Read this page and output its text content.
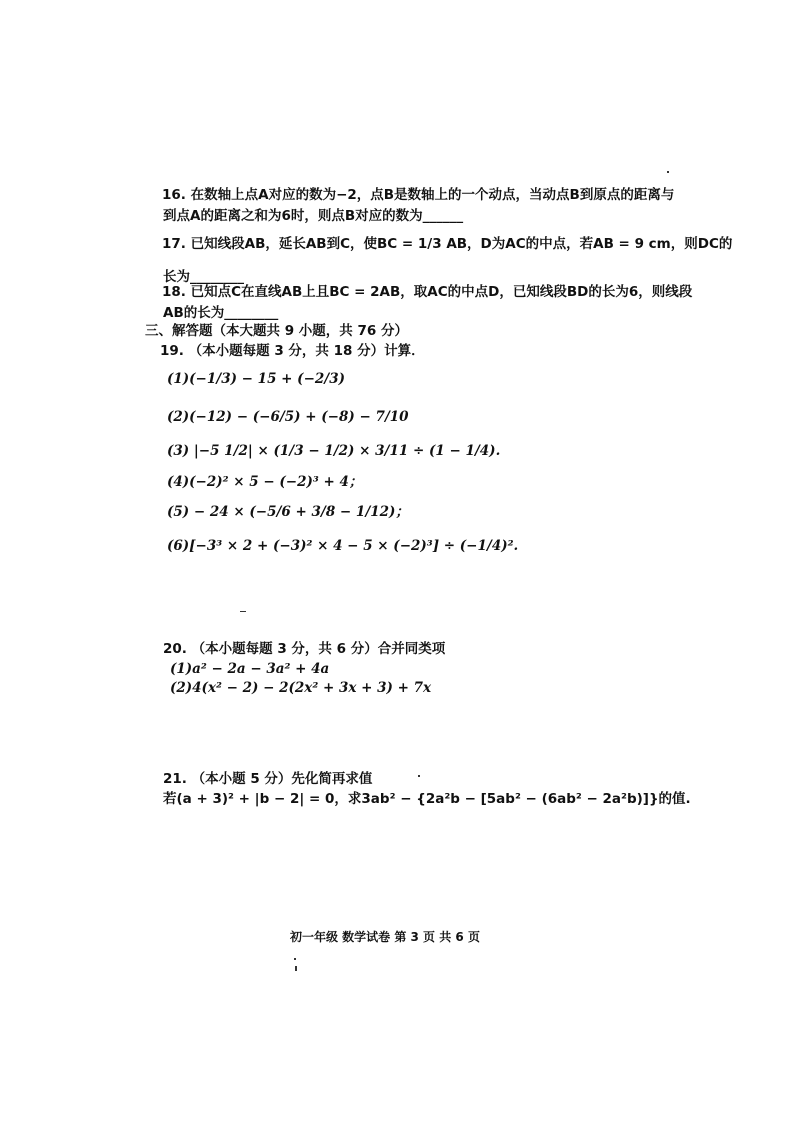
16. 在数轴上点A对应的数为−2，点B是数轴上的一个动点，当动点B到原点的距离与
到点A的距离之和为6时，则点B对应的数为______
17. 已知线段AB，延长AB到C，使BC = 1/3 AB，D为AC的中点，若AB = 9 cm，则DC的
长为________
18. 已知点C在直线AB上且BC = 2AB，取AC的中点D，已知线段BD的长为6，则线段
AB的长为________
三、解答题（本大题共 9 小题，共 76 分）
19. （本小题每题 3 分，共 18 分）计算．
(1)(−1/3) − 15 + (−2/3)
(2)(−12) − (−6/5) + (−8) − 7/10
(3) |−5 1/2| × (1/3 − 1/2) × 3/11 ÷ (1 − 1/4).
(4)(−2)² × 5 − (−2)³ + 4；
(5) − 24 × (−5/6 + 3/8 − 1/12)；
(6)[−3³ × 2 + (−3)² × 4 − 5 × (−2)³] ÷ (−1/4)².
20. （本小题每题 3 分，共 6 分）合并同类项
(1)a² − 2a − 3a² + 4a
(2)4(x² − 2) − 2(2x² + 3x + 3) + 7x
21. （本小题 5 分）先化简再求值
若(a + 3)² + |b − 2| = 0，求3ab² − {2a²b − [5ab² − (6ab² − 2a²b)]}的值.
初一年级 数学试卷 第 3 页 共 6 页
